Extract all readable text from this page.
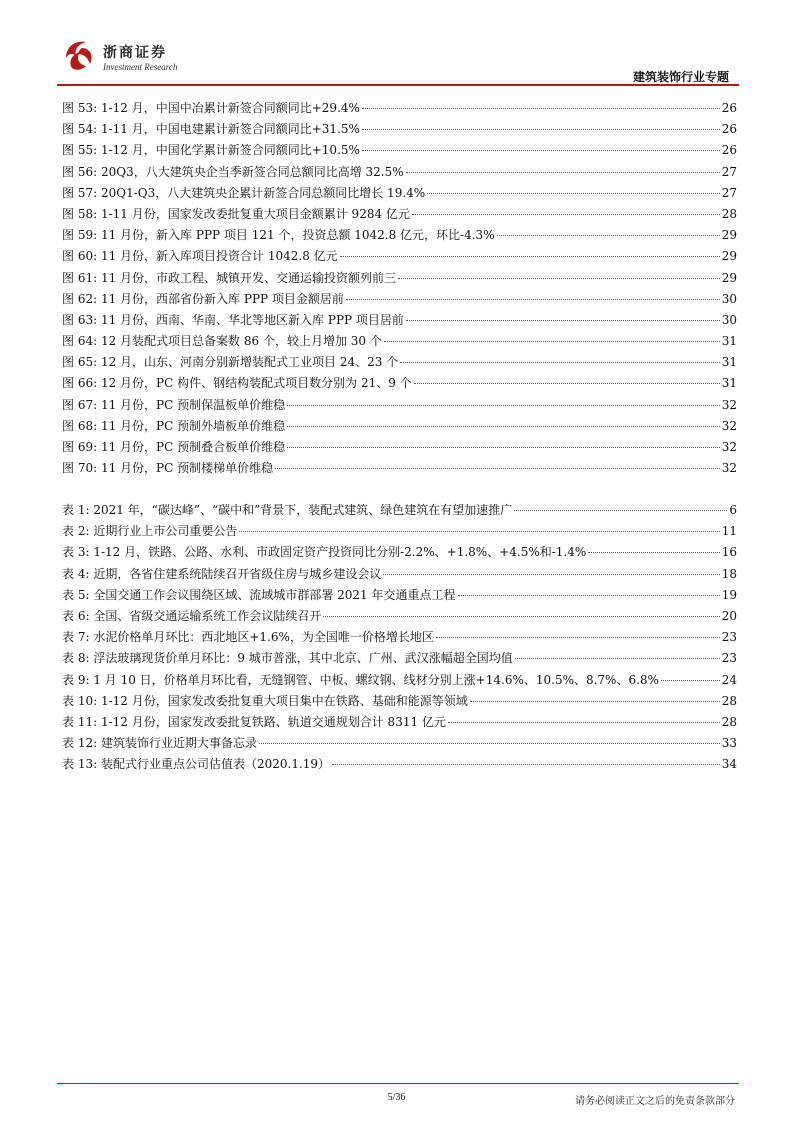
浙商证券
Investment Research
建筑装饰行业专题
图 53:
1-12 月，中国中冶累计新签合同额同比+29.4%	26
图 54:
1-11 月，中国电建累计新签合同额同比+31.5%	26
图 55:
1-12 月，中国化学累计新签合同额同比+10.5%	26
图 56:
20Q3，八大建筑央企当季新签合同总额同比高增 32.5%	27
图 57:
20Q1-Q3，八大建筑央企累计新签合同总额同比增长 19.4%	27
图 58:
1-11 月份，国家发改委批复重大项目金额累计 9284 亿元	28
图 59:
11 月份，新入库 PPP 项目 121 个，投资总额 1042.8 亿元，环比-4.3%	29
图 60:
11 月份，新入库项目投资合计 1042.8 亿元	29
图 61:
11 月份，市政工程、城镇开发、交通运输投资额列前三	29
图 62:
11 月份，西部省份新入库 PPP 项目金额居前	30
图 63:
11 月份，西南、华南、华北等地区新入库 PPP 项目居前	30
图 64:
12 月装配式项目总备案数 86 个，较上月增加 30 个	31
图 65:
12 月，山东、河南分别新增装配式工业项目 24、23 个	31
图 66:
12 月份，PC 构件、钢结构装配式项目数分别为 21、9 个	31
图 67:
11 月份，PC 预制保温板单价维稳	32
图 68:
11 月份，PC 预制外墙板单价维稳	32
图 69:
11 月份，PC 预制叠合板单价维稳	32
图 70:
11 月份，PC 预制楼梯单价维稳	32
表 1:
2021 年，“碳达峰”、“碳中和”背景下，装配式建筑、绿色建筑在有望加速推广	6
表 2:
近期行业上市公司重要公告	11
表 3:
1-12 月，铁路、公路、水利、市政固定资产投资同比分别-2.2%、+1.8%、+4.5%和-1.4%	16
表 4:
近期，各省住建系统陆续召开省级住房与城乡建设会议	18
表 5:
全国交通工作会议围绕区域、流域城市群部署 2021 年交通重点工程	19
表 6:
全国、省级交通运输系统工作会议陆续召开	20
表 7:
水泥价格单月环比：西北地区+1.6%，为全国唯一价格增长地区	23
表 8:
浮法玻璃现货价单月环比：9 城市普涨，其中北京、广州、武汉涨幅超全国均值	23
表 9:
1 月 10 日，价格单月环比看，无缝钢管、中板、螺纹钢、线材分别上涨+14.6%、10.5%、8.7%、6.8%	24
表 10:
1-12 月份，国家发改委批复重大项目集中在铁路、基础和能源等领域	28
表 11:
1-12 月份，国家发改委批复铁路、轨道交通规划合计 8311 亿元	28
表 12:
建筑装饰行业近期大事备忘录	33
表 13:
装配式行业重点公司估值表（2020.1.19）	34
5/36	请务必阅读正文之后的免责条款部分
